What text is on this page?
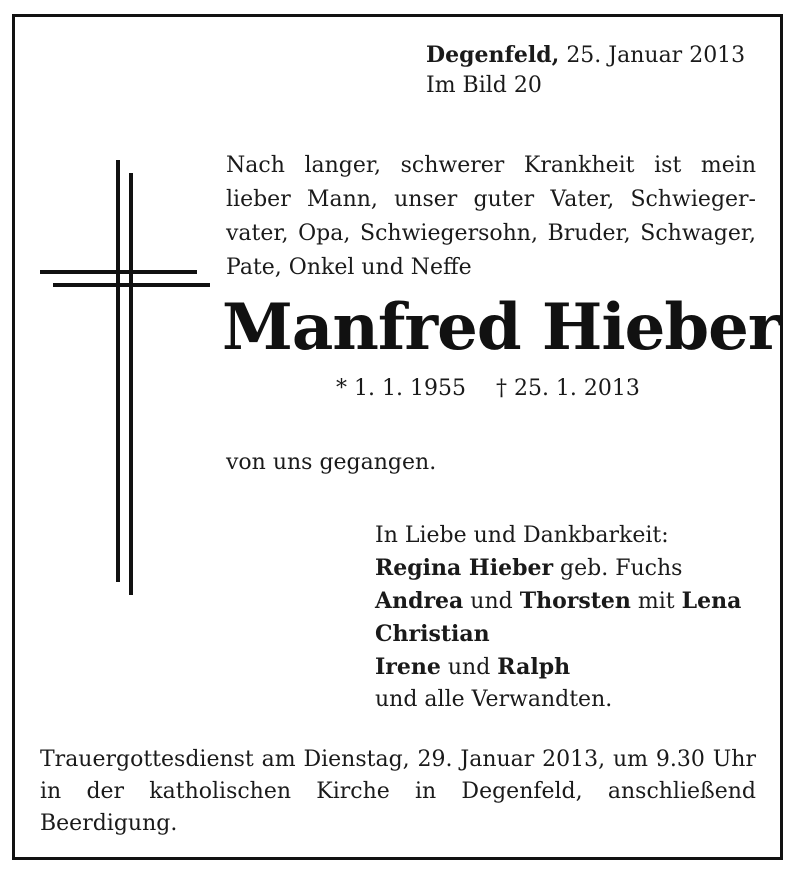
Degenfeld, 25. Januar 2013
Im Bild 20
Nach langer, schwerer Krankheit ist mein lieber Mann, unser guter Vater, Schwieger-vater, Opa, Schwiegersohn, Bruder, Schwager, Pate, Onkel und Neffe
Manfred Hieber
* 1. 1. 1955 † 25. 1. 2013
von uns gegangen.
In Liebe und Dankbarkeit:
Regina Hieber geb. Fuchs
Andrea und Thorsten mit Lena
Christian
Irene und Ralph
und alle Verwandten.
Trauergottesdienst am Dienstag, 29. Januar 2013, um 9.30 Uhr in der katholischen Kirche in Degenfeld, anschließend Beerdigung.
